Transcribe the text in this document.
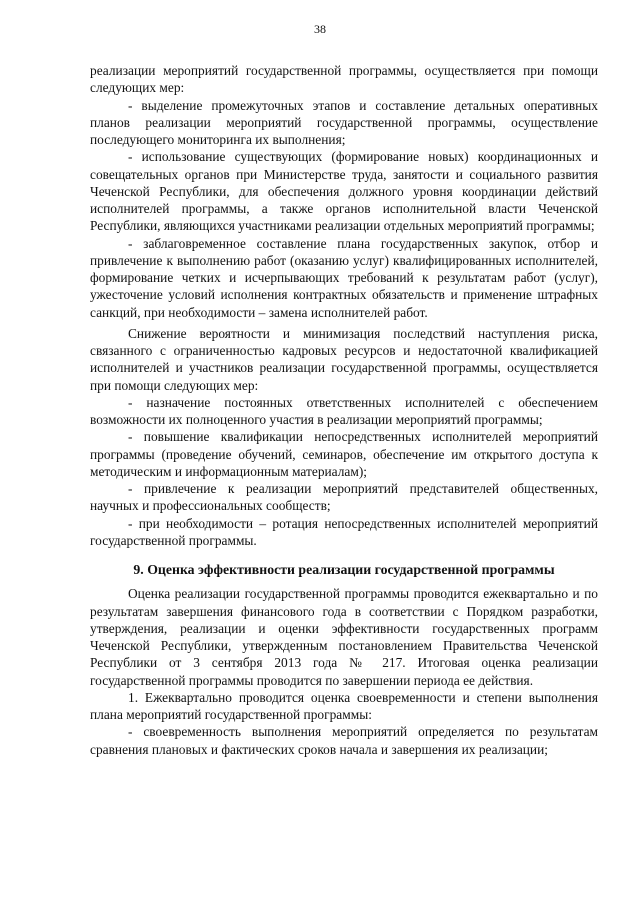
38

реализации мероприятий государственной программы, осуществляется при помощи следующих мер:

- выделение промежуточных этапов и составление детальных оперативных планов реализации мероприятий государственной программы, осуществление последующего мониторинга их выполнения;

- использование существующих (формирование новых) координационных и совещательных органов при Министерстве труда, занятости и социального развития Чеченской Республики, для обеспечения должного уровня координации действий исполнителей программы, а также органов исполнительной власти Чеченской Республики, являющихся участниками реализации отдельных мероприятий программы;

- заблаговременное составление плана государственных закупок, отбор и привлечение к выполнению работ (оказанию услуг) квалифицированных исполнителей, формирование четких и исчерпывающих требований к результатам работ (услуг), ужесточение условий исполнения контрактных обязательств и применение штрафных санкций, при необходимости – замена исполнителей работ.

Снижение вероятности и минимизация последствий наступления риска, связанного с ограниченностью кадровых ресурсов и недостаточной квалификацией исполнителей и участников реализации государственной программы, осуществляется при помощи следующих мер:

- назначение постоянных ответственных исполнителей с обеспечением возможности их полноценного участия в реализации мероприятий программы;

- повышение квалификации непосредственных исполнителей мероприятий программы (проведение обучений, семинаров, обеспечение им открытого доступа к методическим и информационным материалам);

- привлечение к реализации мероприятий представителей общественных, научных и профессиональных сообществ;

- при необходимости – ротация непосредственных исполнителей мероприятий государственной программы.

9. Оценка эффективности реализации государственной программы

Оценка реализации государственной программы проводится ежеквартально и по результатам завершения финансового года в соответствии с Порядком разработки, утверждения, реализации и оценки эффективности государственных программ Чеченской Республики, утвержденным постановлением Правительства Чеченской Республики от 3 сентября 2013 года № 217. Итоговая оценка реализации государственной программы проводится по завершении периода ее действия.

1. Ежеквартально проводится оценка своевременности и степени выполнения плана мероприятий государственной программы:

- своевременность выполнения мероприятий определяется по результатам сравнения плановых и фактических сроков начала и завершения их реализации;
